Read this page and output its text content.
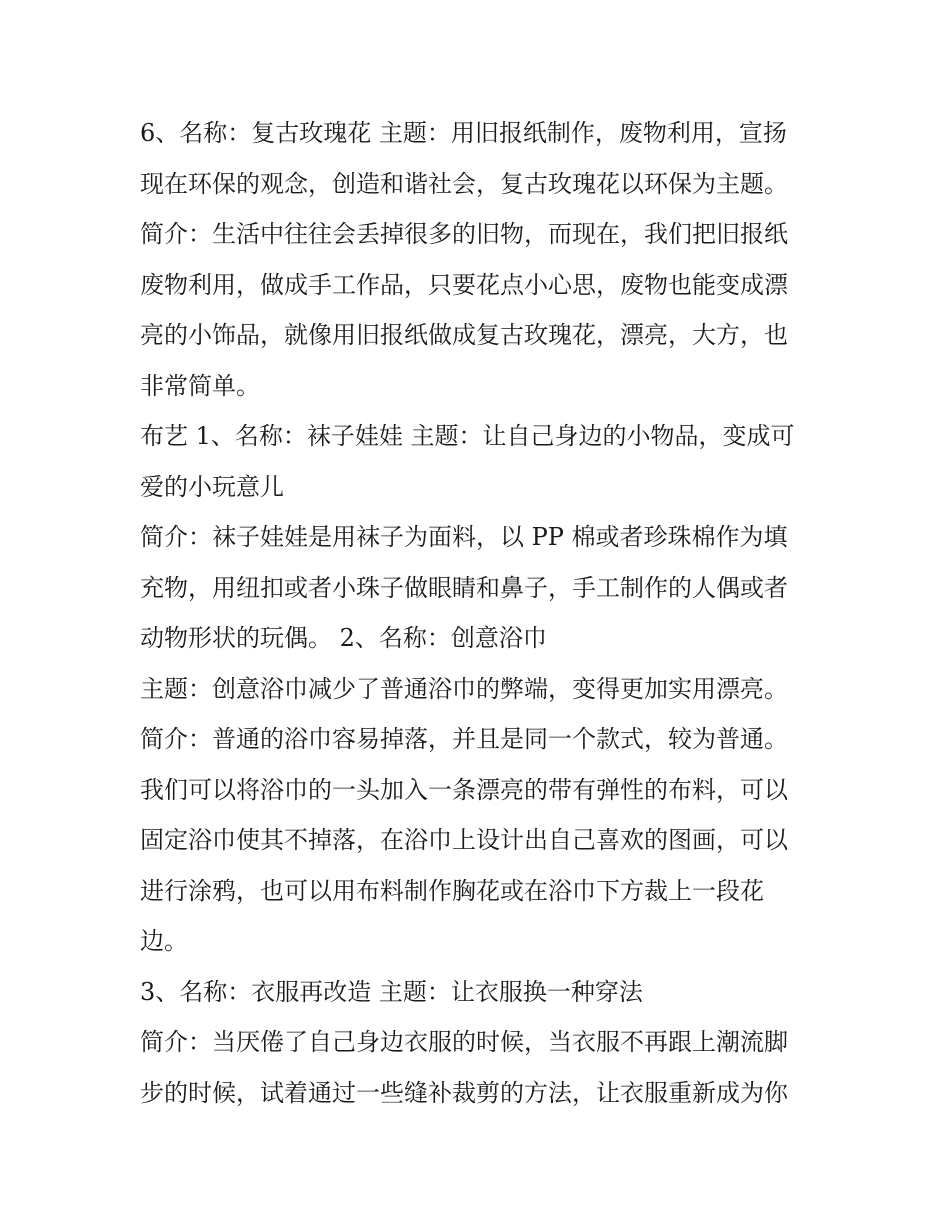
6、名称：复古玫瑰花 主题：用旧报纸制作，废物利用，宣扬
现在环保的观念，创造和谐社会，复古玫瑰花以环保为主题。
简介：生活中往往会丢掉很多的旧物，而现在，我们把旧报纸
废物利用，做成手工作品，只要花点小心思，废物也能变成漂
亮的小饰品，就像用旧报纸做成复古玫瑰花，漂亮，大方，也
非常简单。
布艺 1、名称：袜子娃娃 主题：让自己身边的小物品，变成可
爱的小玩意儿
简介：袜子娃娃是用袜子为面料，以 PP 棉或者珍珠棉作为填
充物，用纽扣或者小珠子做眼睛和鼻子，手工制作的人偶或者
动物形状的玩偶。 2、名称：创意浴巾
主题：创意浴巾减少了普通浴巾的弊端，变得更加实用漂亮。
简介：普通的浴巾容易掉落，并且是同一个款式，较为普通。
我们可以将浴巾的一头加入一条漂亮的带有弹性的布料，可以
固定浴巾使其不掉落，在浴巾上设计出自己喜欢的图画，可以
进行涂鸦，也可以用布料制作胸花或在浴巾下方裁上一段花
边。
3、名称：衣服再改造 主题：让衣服换一种穿法
简介：当厌倦了自己身边衣服的时候，当衣服不再跟上潮流脚
步的时候，试着通过一些缝补裁剪的方法，让衣服重新成为你
